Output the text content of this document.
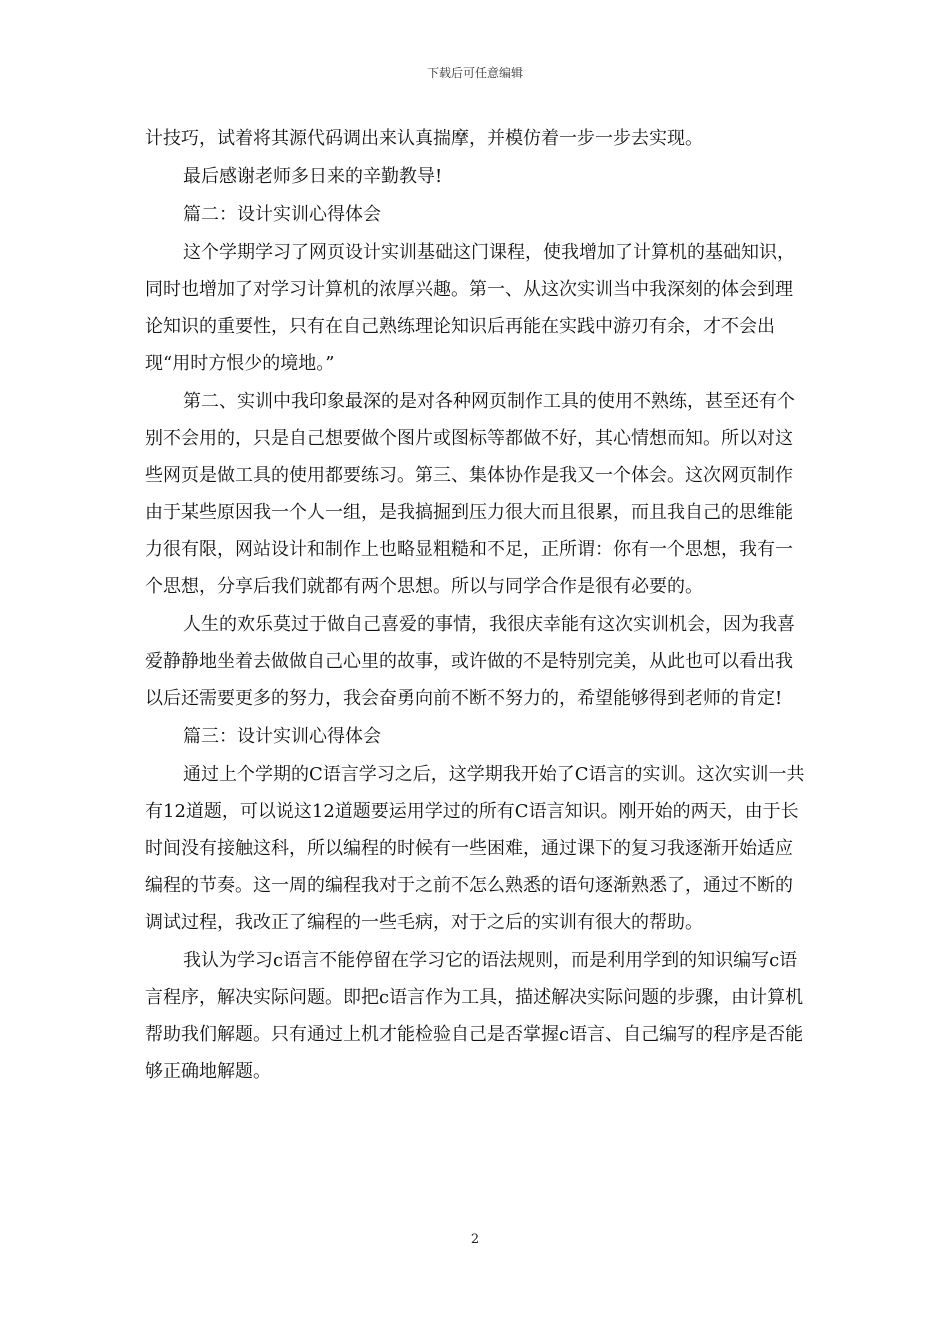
下载后可任意编辑

计技巧，试着将其源代码调出来认真揣摩，并模仿着一步一步去实现。

最后感谢老师多日来的辛勤教导!

篇二：设计实训心得体会

这个学期学习了网页设计实训基础这门课程，使我增加了计算机的基础知识，同时也增加了对学习计算机的浓厚兴趣。第一、从这次实训当中我深刻的体会到理论知识的重要性，只有在自己熟练理论知识后再能在实践中游刃有余，才不会出现“用时方恨少的境地。”

第二、实训中我印象最深的是对各种网页制作工具的使用不熟练，甚至还有个别不会用的，只是自己想要做个图片或图标等都做不好，其心情想而知。所以对这些网页是做工具的使用都要练习。第三、集体协作是我又一个体会。这次网页制作由于某些原因我一个人一组，是我搞掘到压力很大而且很累，而且我自己的思维能力很有限，网站设计和制作上也略显粗糙和不足，正所谓：你有一个思想，我有一个思想，分享后我们就都有两个思想。所以与同学合作是很有必要的。

人生的欢乐莫过于做自己喜爱的事情，我很庆幸能有这次实训机会，因为我喜爱静静地坐着去做做自己心里的故事，或许做的不是特别完美，从此也可以看出我以后还需要更多的努力，我会奋勇向前不断不努力的，希望能够得到老师的肯定!

篇三：设计实训心得体会

通过上个学期的C语言学习之后，这学期我开始了C语言的实训。这次实训一共有12道题，可以说这12道题要运用学过的所有C语言知识。刚开始的两天，由于长时间没有接触这科，所以编程的时候有一些困难，通过课下的复习我逐渐开始适应编程的节奏。这一周的编程我对于之前不怎么熟悉的语句逐渐熟悉了，通过不断的调试过程，我改正了编程的一些毛病，对于之后的实训有很大的帮助。

我认为学习c语言不能停留在学习它的语法规则，而是利用学到的知识编写c语言程序，解决实际问题。即把c语言作为工具，描述解决实际问题的步骤，由计算机帮助我们解题。只有通过上机才能检验自己是否掌握c语言、自己编写的程序是否能够正确地解题。

2
